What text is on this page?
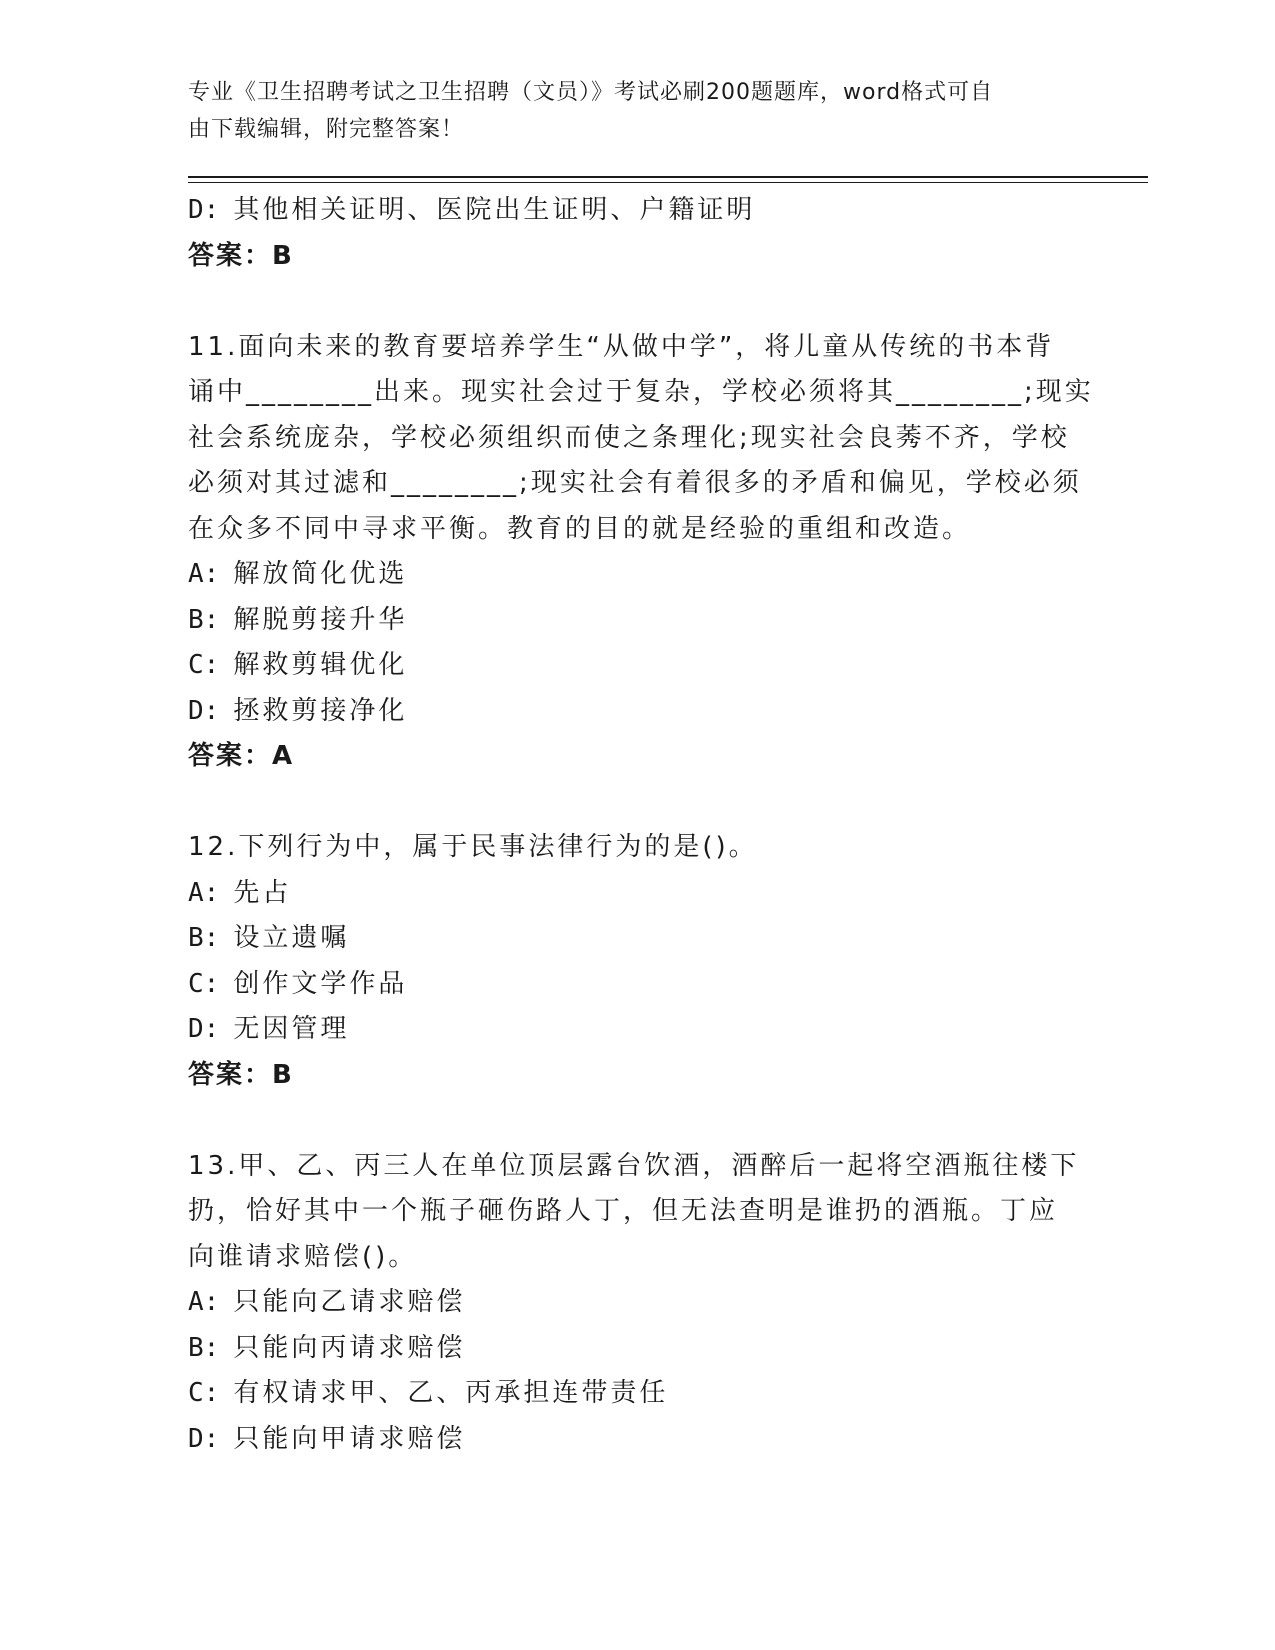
专业《卫生招聘考试之卫生招聘（文员）》考试必刷200题题库，word格式可自
由下载编辑，附完整答案！
D: 其他相关证明、医院出生证明、户籍证明
答案：B
11.面向未来的教育要培养学生“从做中学”，将儿童从传统的书本背
诵中________出来。现实社会过于复杂，学校必须将其________;现实
社会系统庞杂，学校必须组织而使之条理化;现实社会良莠不齐，学校
必须对其过滤和________;现实社会有着很多的矛盾和偏见，学校必须
在众多不同中寻求平衡。教育的目的就是经验的重组和改造。
A: 解放简化优选
B: 解脱剪接升华
C: 解救剪辑优化
D: 拯救剪接净化
答案：A
12.下列行为中，属于民事法律行为的是()。
A: 先占
B: 设立遗嘱
C: 创作文学作品
D: 无因管理
答案：B
13.甲、乙、丙三人在单位顶层露台饮酒，酒醉后一起将空酒瓶往楼下
扔，恰好其中一个瓶子砸伤路人丁，但无法查明是谁扔的酒瓶。丁应
向谁请求赔偿()。
A: 只能向乙请求赔偿
B: 只能向丙请求赔偿
C: 有权请求甲、乙、丙承担连带责任
D: 只能向甲请求赔偿
